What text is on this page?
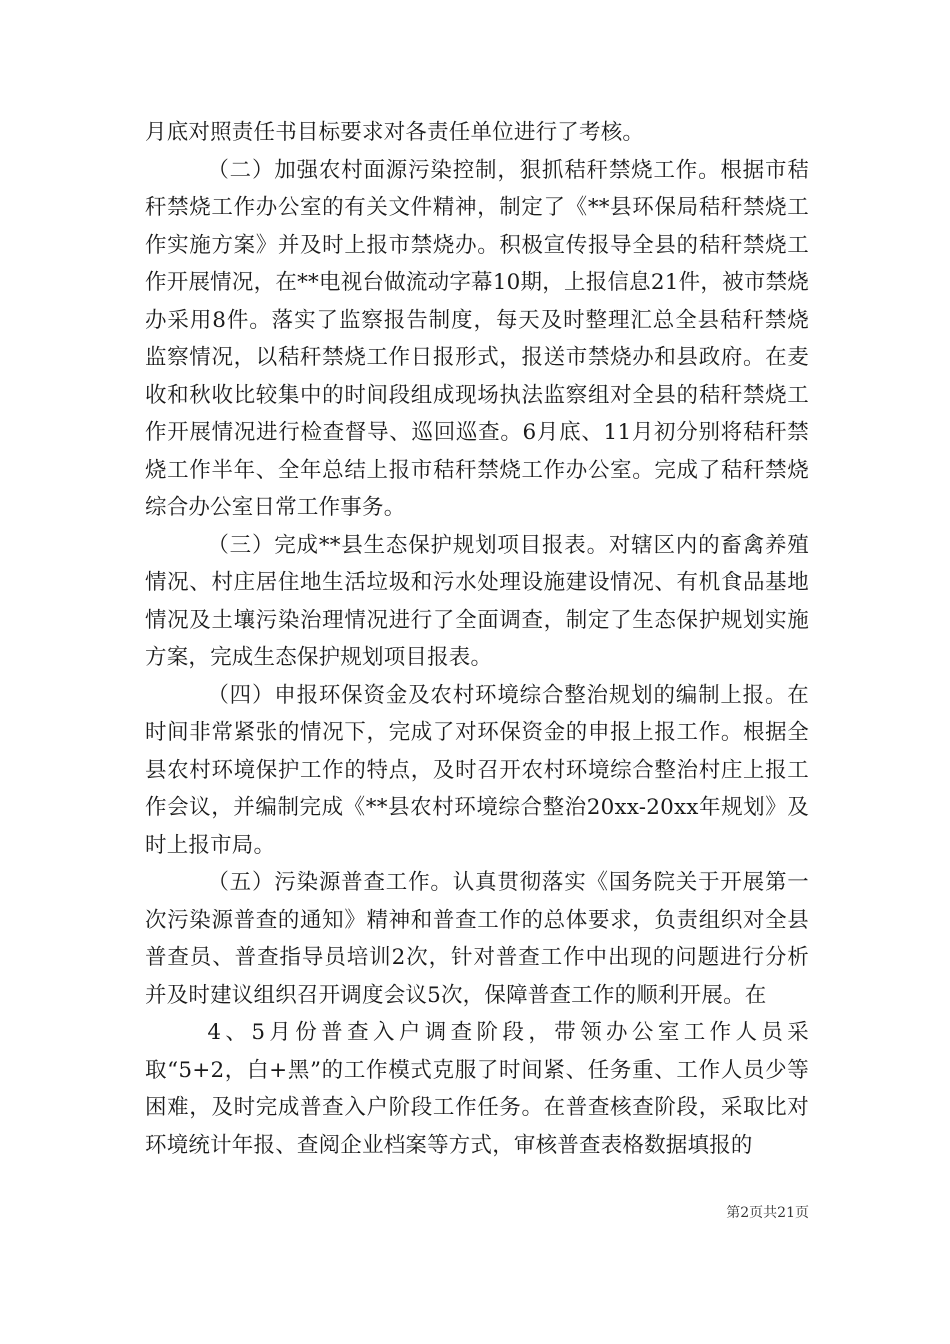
月底对照责任书目标要求对各责任单位进行了考核。

（二）加强农村面源污染控制，狠抓秸秆禁烧工作。根据市秸秆禁烧工作办公室的有关文件精神，制定了《**县环保局秸秆禁烧工作实施方案》并及时上报市禁烧办。积极宣传报导全县的秸秆禁烧工作开展情况，在**电视台做流动字幕10期，上报信息21件，被市禁烧办采用8件。落实了监察报告制度，每天及时整理汇总全县秸秆禁烧监察情况，以秸秆禁烧工作日报形式，报送市禁烧办和县政府。在麦收和秋收比较集中的时间段组成现场执法监察组对全县的秸秆禁烧工作开展情况进行检查督导、巡回巡查。6月底、11月初分别将秸秆禁烧工作半年、全年总结上报市秸秆禁烧工作办公室。完成了秸秆禁烧综合办公室日常工作事务。

（三）完成**县生态保护规划项目报表。对辖区内的畜禽养殖情况、村庄居住地生活垃圾和污水处理设施建设情况、有机食品基地情况及土壤污染治理情况进行了全面调查，制定了生态保护规划实施方案，完成生态保护规划项目报表。

（四）申报环保资金及农村环境综合整治规划的编制上报。在时间非常紧张的情况下，完成了对环保资金的申报上报工作。根据全县农村环境保护工作的特点，及时召开农村环境综合整治村庄上报工作会议，并编制完成《**县农村环境综合整治20xx-20xx年规划》及时上报市局。

（五）污染源普查工作。认真贯彻落实《国务院关于开展第一次污染源普查的通知》精神和普查工作的总体要求，负责组织对全县普查员、普查指导员培训2次，针对普查工作中出现的问题进行分析并及时建议组织召开调度会议5次，保障普查工作的顺利开展。在

4、5月份普查入户调查阶段，带领办公室工作人员采取“5+2，白+黑”的工作模式克服了时间紧、任务重、工作人员少等困难，及时完成普查入户阶段工作任务。在普查核查阶段，采取比对环境统计年报、查阅企业档案等方式，审核普查表格数据填报的

第2页共21页
